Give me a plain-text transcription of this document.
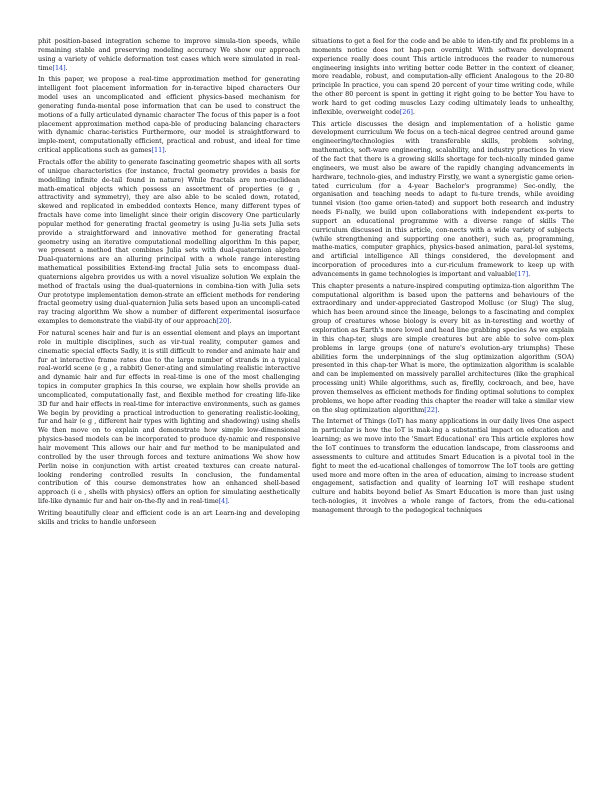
phit position-based integration scheme to improve simula-tion speeds, while remaining stable and preserving modeling accuracy We show our approach using a variety of vehicle deformation test cases which were simulated in real-time[14].

In this paper, we propose a real-time approximation method for generating intelligent foot placement information for in-teractive biped characters Our model uses an uncomplicated and efficient physics-based mechanism for generating funda-mental pose information that can be used to construct the motions of a fully articulated dynamic character The focus of this paper is a foot placement approximation method capa-ble of producing balancing characters with dynamic charac-teristics Furthermore, our model is straightforward to imple-ment, computationally efficient, practical and robust, and ideal for time critical applications such as games[11].

Fractals offer the ability to generate fascinating geometric shapes with all sorts of unique characteristics (for instance, fractal geometry provides a basis for modelling infinite de-tail found in nature) While fractals are non-euclidean math-ematical objects which possess an assortment of properties (e g , attractivity and symmetry), they are also able to be scaled down, rotated, skewed and replicated in embedded contexts Hence, many different types of fractals have come into limelight since their origin discovery One particularly popular method for generating fractal geometry is using Ju-lia sets Julia sets provide a straightforward and innovative method for generating fractal geometry using an iterative computational modelling algorithm In this paper, we present a method that combines Julia sets with dual-quaternion algebra Dual-quaternions are an alluring principal with a whole range interesting mathematical possibilities Extend-ing fractal Julia sets to encompass dual-quaternions algebra provides us with a novel visualize solution We explain the method of fractals using the dual-quaternions in combina-tion with Julia sets Our prototype implementation demon-strate an efficient methods for rendering fractal geometry using dual-quaternion Julia sets based upon an uncompli-cated ray tracing algorithm We show a number of different experimental isosurface examples to demonstrate the viabil-ity of our approach[20].

For natural scenes hair and fur is an essential element and plays an important role in multiple disciplines, such as vir-tual reality, computer games and cinematic special effects Sadly, it is still difficult to render and animate hair and fur at interactive frame rates due to the large number of strands in a typical real-world scene (e g , a rabbit) Gener-ating and simulating realistic interactive and dynamic hair and fur effects in real-time is one of the most challenging topics in computer graphics In this course, we explain how shells provide an uncomplicated, computationally fast, and flexible method for creating life-like 3D fur and hair effects in real-time for interactive environments, such as games We begin by providing a practical introduction to generating realistic-looking, fur and hair (e g , different hair types with lighting and shadowing) using shells We then move on to explain and demonstrate how simple low-dimensional physics-based models can be incorporated to produce dy-namic and responsive hair movement This allows our hair and fur method to be manipulated and controlled by the user through forces and texture animations We show how Perlin noise in conjunction with artist created textures can create natural-looking rendering controlled results In conclusion, the fundamental contribution of this course demonstrates how an enhanced shell-based approach (i e , shells with physics) offers an option for simulating aesthetically life-like dynamic fur and hair on-the-fly and in real-time[4].

Writing beautifully clear and efficient code is an art Learn-ing and developing skills and tricks to handle unforseen

situations to get a feel for the code and be able to iden-tify and fix problems in a moments notice does not hap-pen overnight With software development experience really does count This article introduces the reader to numerous engineering insights into writing better code Better in the context of cleaner, more readable, robust, and computation-ally efficient Analogous to the 20-80 principle In practice, you can spend 20 percent of your time writing code, while the other 80 percent is spent in getting it right going to be better You have to work hard to get coding muscles Lazy coding ultimately leads to unhealthy, inflexible, overweight code[26].

This article discusses the design and implementation of a holistic game development curriculum We focus on a tech-nical degree centred around game engineering/technologies with transferable skills, problem solving, mathematics, soft-ware engineering, scalability, and industry practices In view of the fact that there is a growing skills shortage for tech-nically minded game engineers, we must also be aware of the rapidly changing advancements in hardware, technolo-gies, and industry Firstly, we want a synergistic game orien-tated curriculum (for a 4-year Bachelor's programme) Sec-ondly, the organisation and teaching needs to adapt to fu-ture trends, while avoiding tunnel vision (too game orien-tated) and support both research and industry needs Fi-nally, we build upon collaborations with independent ex-perts to support an educational programme with a diverse range of skills The curriculum discussed in this article, con-nects with a wide variety of subjects (while strengthening and supporting one another), such as, programming, mathe-matics, computer graphics, physics-based animation, paral-lel systems, and artificial intelligence All things considered, the development and incorporation of procedures into a cur-riculum framework to keep up with advancements in game technologies is important and valuable[17].

This chapter presents a nature-inspired computing optimiza-tion algorithm The computational algorithm is based upon the patterns and behaviours of the extraordinary and under-appreciated Gastropod Mollusc (or Slug) The slug, which has been around since the lineage, belongs to a fascinating and complex group of creatures whose biology is every bit as in-teresting and worthy of exploration as Earth's more loved and head line grabbing species As we explain in this chap-ter, slugs are simple creatures but are able to solve com-plex problems in large groups (one of nature's evolution-ary triumphs) These abilities form the underpinnings of the slug optimization algorithm (SOA) presented in this chap-ter What is more, the optimization algorithm is scalable and can be implemented on massively parallel architectures (like the graphical processing unit) While algorithms, such as, fireflly, cockroach, and bee, have proven themselves as efficient methods for finding optimal solutions to complex problems, we hope after reading this chapter the reader will take a similar view on the slug optimization algorithm[22].

The Internet of Things (IoT) has many applications in our daily lives One aspect in particular is how the IoT is mak-ing a substantial impact on education and learning; as we move into the 'Smart Educational' era This article explores how the IoT continues to transform the education landscape, from classrooms and assessments to culture and attitudes Smart Education is a pivotal tool in the fight to meet the ed-ucational challenges of tomorrow The IoT tools are getting used more and more often in the area of education, aiming to increase student engagement, satisfaction and quality of learning IoT will reshape student culture and habits beyond belief As Smart Education is more than just using tech-nologies, it involves a whole range of factors, from the edu-cational management through to the pedagogical techniques
